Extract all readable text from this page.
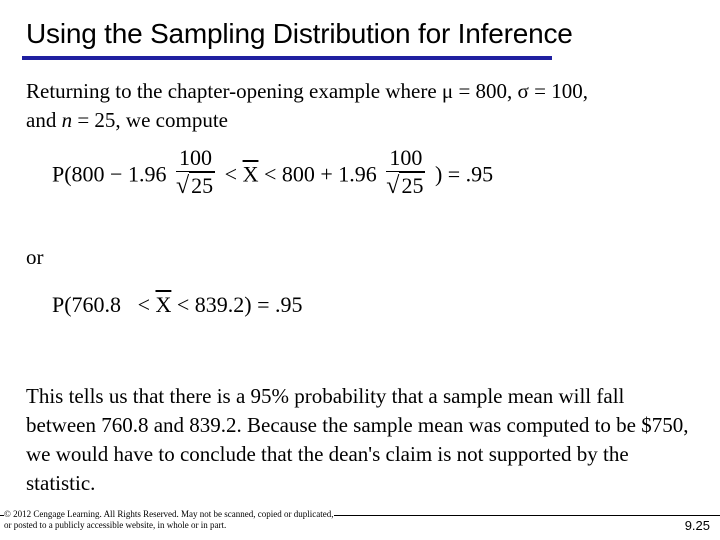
Using the Sampling Distribution for Inference
Returning to the chapter-opening example where μ = 800, σ = 100,
and n = 25, we compute
$P(800 - 1.96 \frac{100}{√25} < \overline{X} < 800 + 1.96 \frac{100}{√25}$ ) = .95
or
$P(760.8 < \overline{X} < 839.2) = .95$
This tells us that there is a 95% probability that a sample mean will fall between 760.8 and 839.2. Because the sample mean was computed to be $750, we would have to conclude that the dean's claim is not supported by the statistic.
© 2012 Cengage Learning. All Rights Reserved. May not be scanned, copied or duplicated, or posted to a publicly accessible website, in whole or in part.	9.25
